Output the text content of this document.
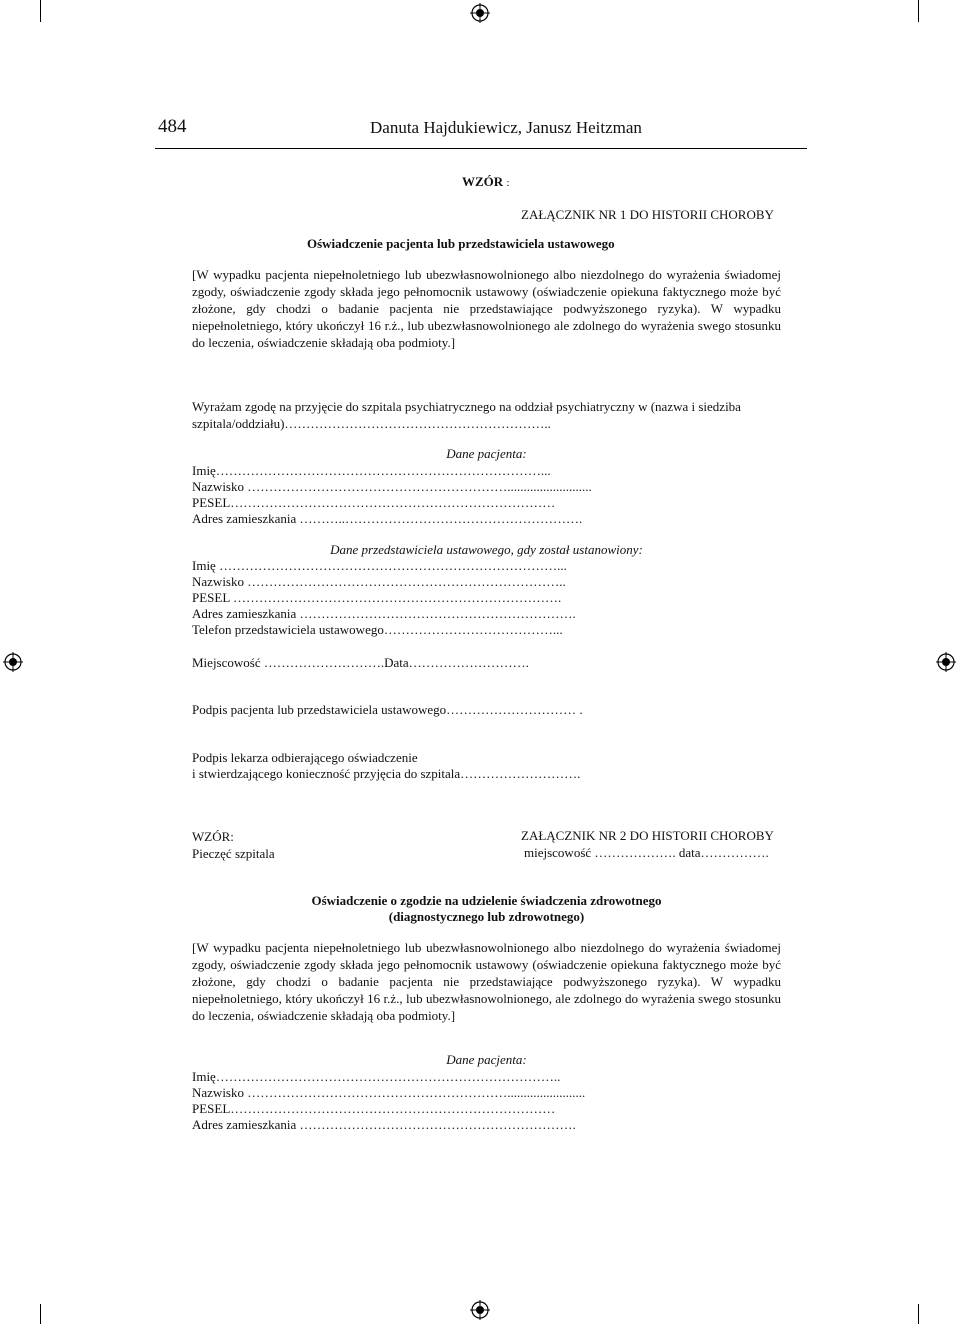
484	Danuta Hajdukiewicz, Janusz Heitzman
WZÓR :
ZAŁĄCZNIK NR 1 DO HISTORII CHOROBY
Oświadczenie pacjenta lub przedstawiciela ustawowego
[W wypadku pacjenta niepełnoletniego lub ubezwłasnowolnionego albo niezdolnego do wyrażenia świadomej
zgody, oświadczenie zgody składa jego pełnomocnik ustawowy (oświadczenie opiekuna faktycznego może być
złożone, gdy chodzi o badanie pacjenta nie przedstawiające podwyższonego ryzyka). W wypadku
niepełnoletniego, który ukończył 16 r.ż., lub ubezwłasnowolnionego ale zdolnego do wyrażenia swego stosunku
do leczenia, oświadczenie składają oba podmioty.]
Wyrażam zgodę na przyjęcie do szpitala psychiatrycznego na oddział psychiatryczny w (nazwa i siedziba
szpitala/oddziału)……………………………………………………..
Dane pacjenta:
Imię…………………………………………………………………...
Nazwisko ……………………………………………………..........................
PESEL…………………………………………………………………
Adres zamieszkania ………..……………………………………………….
Dane przedstawiciela ustawowego, gdy został ustanowiony:
Imię ……………………………………………………………………...
Nazwisko ………………………………………………………………..
PESEL ………………………………………………………………….
Adres zamieszkania ……………………………………………………….
Telefon przedstawiciela ustawowego…………………………………...
Miejscowość ……………………….Data……………………….
Podpis pacjenta lub przedstawiciela ustawowego………………………… .
Podpis lekarza odbierającego oświadczenie
i stwierdzającego konieczność przyjęcia do szpitala……………………….
WZÓR:
Pieczęć szpitala
ZAŁĄCZNIK NR 2 DO HISTORII CHOROBY
miejscowość ………………. data…………….
Oświadczenie o zgodzie na udzielenie świadczenia zdrowotnego
(diagnostycznego lub zdrowotnego)
[W wypadku pacjenta niepełnoletniego lub ubezwłasnowolnionego albo niezdolnego do wyrażenia świadomej
zgody, oświadczenie zgody składa jego pełnomocnik ustawowy (oświadczenie opiekuna faktycznego może być
złożone, gdy chodzi o badanie pacjenta nie przedstawiające podwyższonego ryzyka). W wypadku
niepełnoletniego, który ukończył 16 r.ż., lub ubezwłasnowolnionego, ale zdolnego do wyrażenia swego stosunku
do leczenia, oświadczenie składają oba podmioty.]
Dane pacjenta:
Imię……………………………………………………………………..
Nazwisko ……………………………………………………........................
PESEL…………………………………………………………………
Adres zamieszkania ……………………………………………………….
